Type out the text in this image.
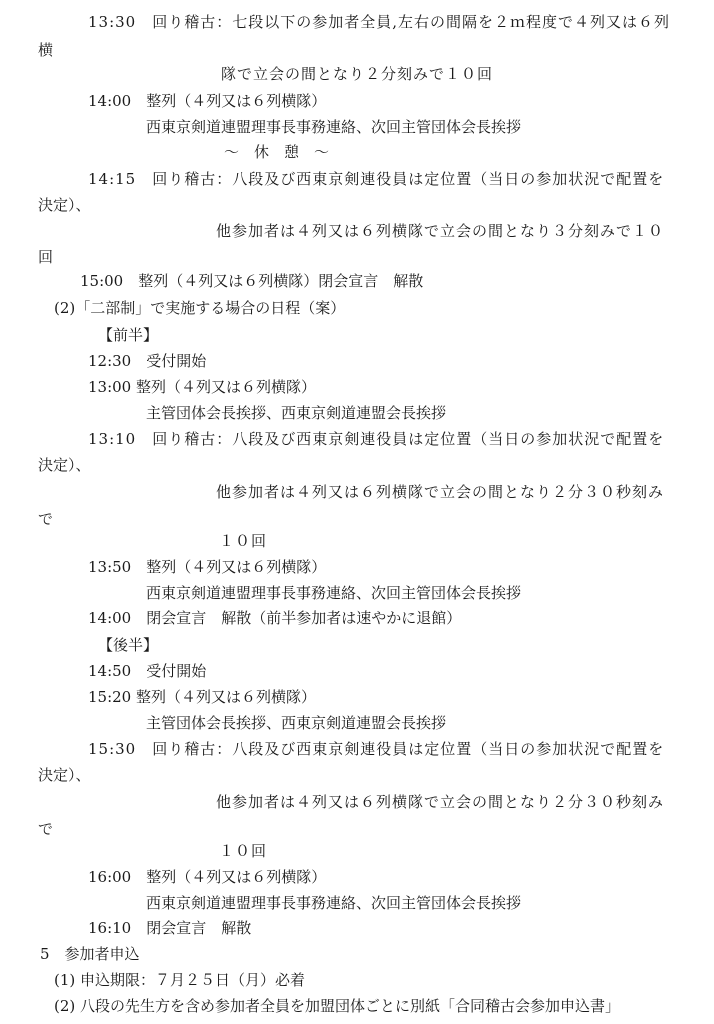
13:30　回り稽古：七段以下の参加者全員,左右の間隔を２ｍ程度で４列又は６列
横
隊で立会の間となり２分刻みで１０回
14:00　整列（４列又は６列横隊）
西東京剣道連盟理事長事務連絡、次回主管団体会長挨拶
〜　休　憩　〜
14:15　回り稽古：八段及び西東京剣連役員は定位置（当日の参加状況で配置を
決定）、
他参加者は４列又は６列横隊で立会の間となり３分刻みで１０
回
15:00　整列（４列又は６列横隊）閉会宣言　解散
(2)「二部制」で実施する場合の日程（案）
【前半】
12:30　受付開始
13:00 整列（４列又は６列横隊）
主管団体会長挨拶、西東京剣道連盟会長挨拶
13:10　回り稽古：八段及び西東京剣連役員は定位置（当日の参加状況で配置を
決定）、
他参加者は４列又は６列横隊で立会の間となり２分３０秒刻み
で
１０回
13:50　整列（４列又は６列横隊）
西東京剣道連盟理事長事務連絡、次回主管団体会長挨拶
14:00　閉会宣言　解散（前半参加者は速やかに退館）
【後半】
14:50　受付開始
15:20 整列（４列又は６列横隊）
主管団体会長挨拶、西東京剣道連盟会長挨拶
15:30　回り稽古：八段及び西東京剣連役員は定位置（当日の参加状況で配置を
決定）、
他参加者は４列又は６列横隊で立会の間となり２分３０秒刻み
で
１０回
16:00　整列（４列又は６列横隊）
西東京剣道連盟理事長事務連絡、次回主管団体会長挨拶
16:10　閉会宣言　解散
5　参加者申込
(1) 申込期限：７月２５日（月）必着
(2) 八段の先生方を含め参加者全員を加盟団体ごとに別紙「合同稽古会参加申込書」
